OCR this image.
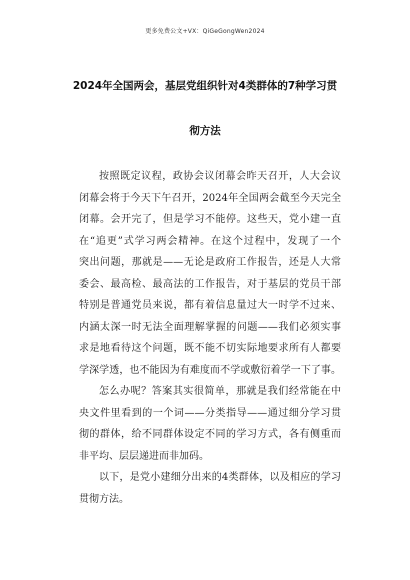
更多免费公文+VX：QiGeGongWen2024
2024年全国两会，基层党组织针对4类群体的7种学习贯
彻方法
按照既定议程，政协会议闭幕会昨天召开，人大会议
闭幕会将于今天下午召开，2024年全国两会截至今天完全
闭幕。会开完了，但是学习不能停。这些天，党小建一直
在“追更”式学习两会精神。在这个过程中，发现了一个
突出问题，那就是——无论是政府工作报告，还是人大常
委会、最高检、最高法的工作报告，对于基层的党员干部
特别是普通党员来说，都有着信息量过大一时学不过来、
内涵太深一时无法全面理解掌握的问题——我们必须实事
求是地看待这个问题，既不能不切实际地要求所有人都要
学深学透，也不能因为有难度而不学或敷衍着学一下了事。
怎么办呢？答案其实很简单，那就是我们经常能在中
央文件里看到的一个词——分类指导——通过细分学习贯
彻的群体，给不同群体设定不同的学习方式，各有侧重而
非平均、层层递进而非加码。
以下，是党小建细分出来的4类群体，以及相应的学习
贯彻方法。
